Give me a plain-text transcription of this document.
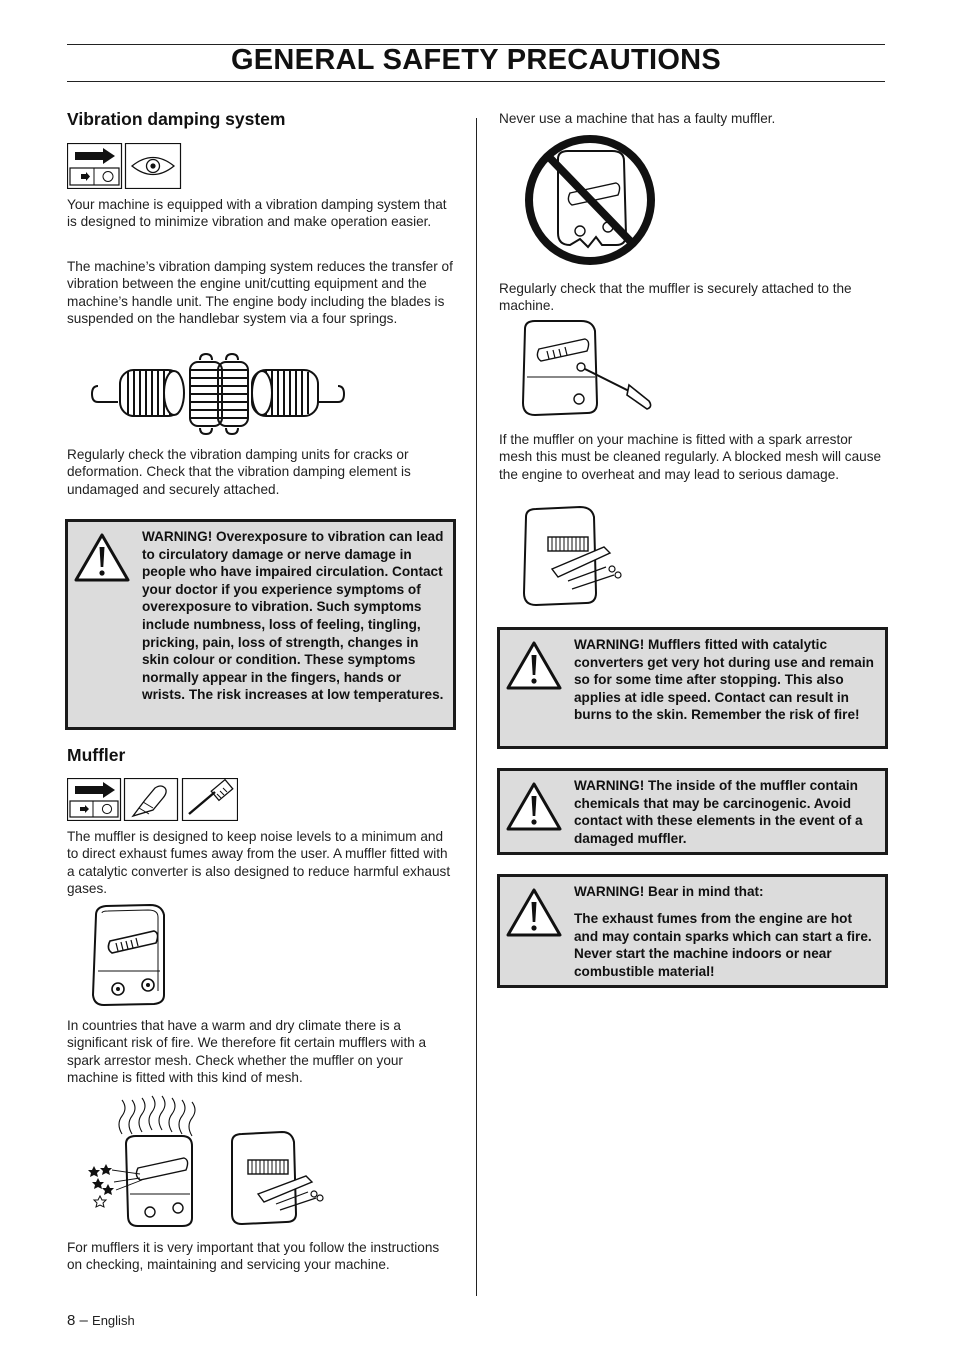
GENERAL SAFETY PRECAUTIONS
Vibration damping system

Your machine is equipped with a vibration damping system that is designed to minimize vibration and make operation easier.

The machine’s vibration damping system reduces the transfer of vibration between the engine unit/cutting equipment and the machine’s handle unit. The engine body including the blades is suspended on the handlebar system via a four springs.

Regularly check the vibration damping units for cracks or deformation. Check that the vibration damping element is undamaged and securely attached.

WARNING! Overexposure to vibration can lead to circulatory damage or nerve damage in people who have impaired circulation. Contact your doctor if you experience symptoms of overexposure to vibration. Such symptoms include numbness, loss of feeling, tingling, pricking, pain, loss of strength, changes in skin colour or condition. These symptoms normally appear in the fingers, hands or wrists. The risk increases at low temperatures.
Muffler

The muffler is designed to keep noise levels to a minimum and to direct exhaust fumes away from the user. A muffler fitted with a catalytic converter is also designed to reduce harmful exhaust gases.

In countries that have a warm and dry climate there is a significant risk of fire. We therefore fit certain mufflers with a spark arrestor mesh. Check whether the muffler on your machine is fitted with this kind of mesh.

For mufflers it is very important that you follow the instructions on checking, maintaining and servicing your machine.

Never use a machine that has a faulty muffler.

Regularly check that the muffler is securely attached to the machine.

If the muffler on your machine is fitted with a spark arrestor mesh this must be cleaned regularly. A blocked mesh will cause the engine to overheat and may lead to serious damage.

WARNING! Mufflers fitted with catalytic converters get very hot during use and remain so for some time after stopping. This also applies at idle speed. Contact can result in burns to the skin. Remember the risk of fire!
WARNING! The inside of the muffler contain chemicals that may be carcinogenic. Avoid contact with these elements in the event of a damaged muffler.
WARNING! Bear in mind that:
The exhaust fumes from the engine are hot and may contain sparks which can start a fire. Never start the machine indoors or near combustible material!
8 – English
